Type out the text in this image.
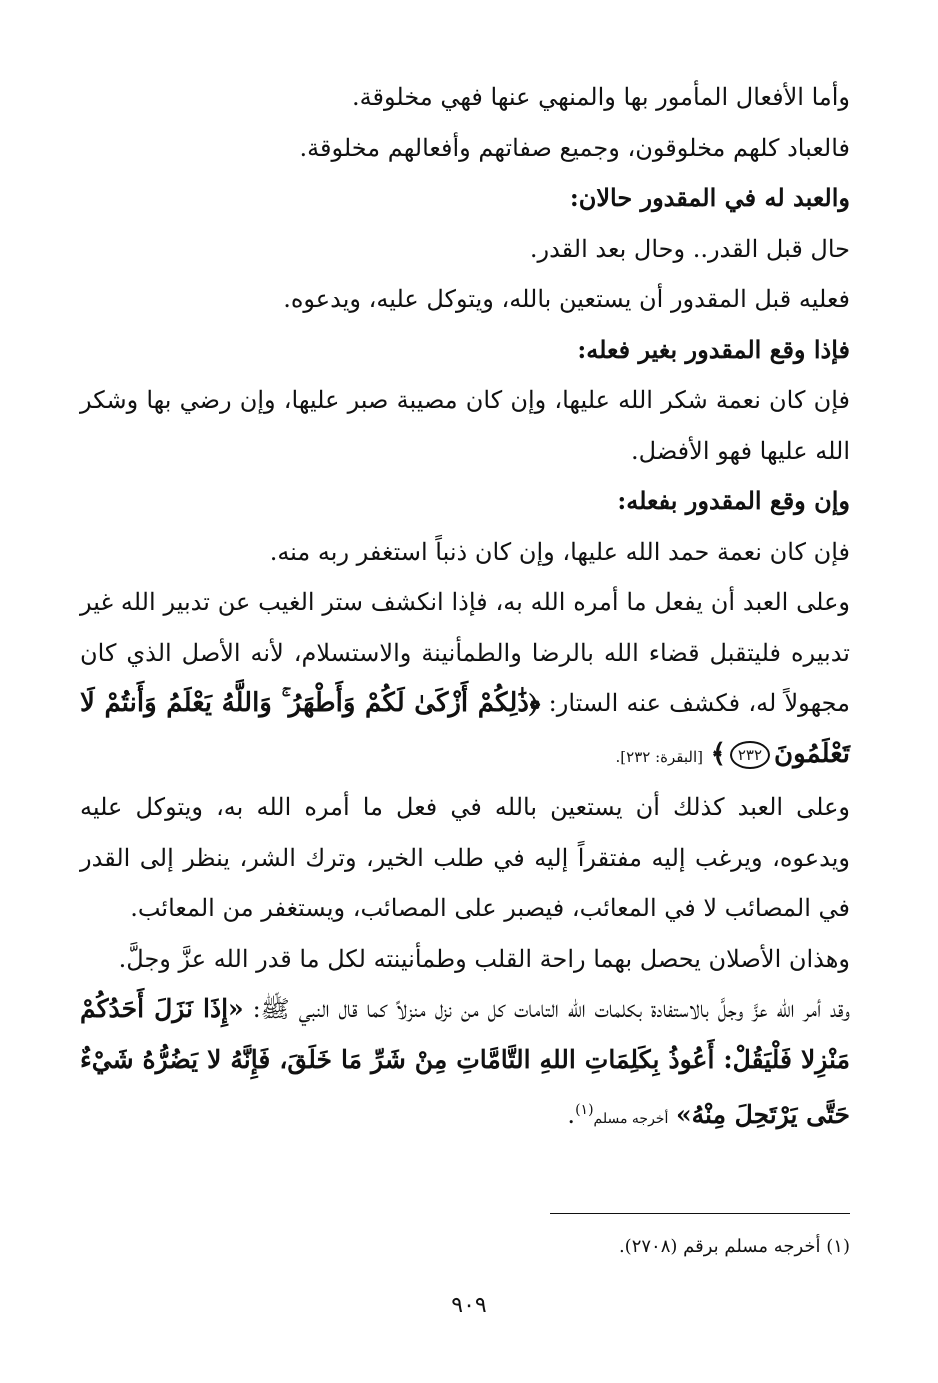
وأما الأفعال المأمور بها والمنهي عنها فهي مخلوقة.

فالعباد كلهم مخلوقون، وجميع صفاتهم وأفعالهم مخلوقة.

والعبد له في المقدور حالان:

حال قبل القدر.. وحال بعد القدر.

فعليه قبل المقدور أن يستعين بالله، ويتوكل عليه، ويدعوه.

فإذا وقع المقدور بغير فعله:

فإن كان نعمة شكر الله عليها، وإن كان مصيبة صبر عليها، وإن رضي بها وشكر الله عليها فهو الأفضل.

وإن وقع المقدور بفعله:

فإن كان نعمة حمد الله عليها، وإن كان ذنباً استغفر ربه منه.

وعلى العبد أن يفعل ما أمره الله به، فإذا انكشف ستر الغيب عن تدبير الله غير تدبيره فليتقبل قضاء الله بالرضا والطمأنينة والاستسلام، لأنه الأصل الذي كان مجهولاً له، فكشف عنه الستار: ﴿ذَٰلِكُمْ أَزْكَىٰ لَكُمْ وَأَطْهَرُ ۚ وَاللَّهُ يَعْلَمُ وَأَنتُمْ لَا تَعْلَمُونَ٢٣٢﴾ [البقرة: ٢٣٢].

وعلى العبد كذلك أن يستعين بالله في فعل ما أمره الله به، ويتوكل عليه ويدعوه، ويرغب إليه مفتقراً إليه في طلب الخير، وترك الشر، ينظر إلى القدر في المصائب لا في المعائب، فيصبر على المصائب، ويستغفر من المعائب.

وهذان الأصلان يحصل بهما راحة القلب وطمأنينته لكل ما قدر الله عزَّ وجلَّ.

وقد أمر الله عزَّ وجلَّ بالاستفادة بكلمات الله التامات كل من نزل منزلاً كما قال النبي ﷺ: «إِذَا نَزَلَ أَحَدُكُمْ مَنْزِلا فَلْيَقُلْ: أَعُوذُ بِكَلِمَاتِ اللهِ التَّامَّاتِ مِنْ شَرِّ مَا خَلَقَ، فَإِنَّهُ لا يَضُرُّهُ شَيْءٌ حَتَّى يَرْتَحِلَ مِنْهُ» أخرجه مسلم$^{(١)}$.

(١) أخرجه مسلم برقم (٢٧٠٨).
٩٠٩
